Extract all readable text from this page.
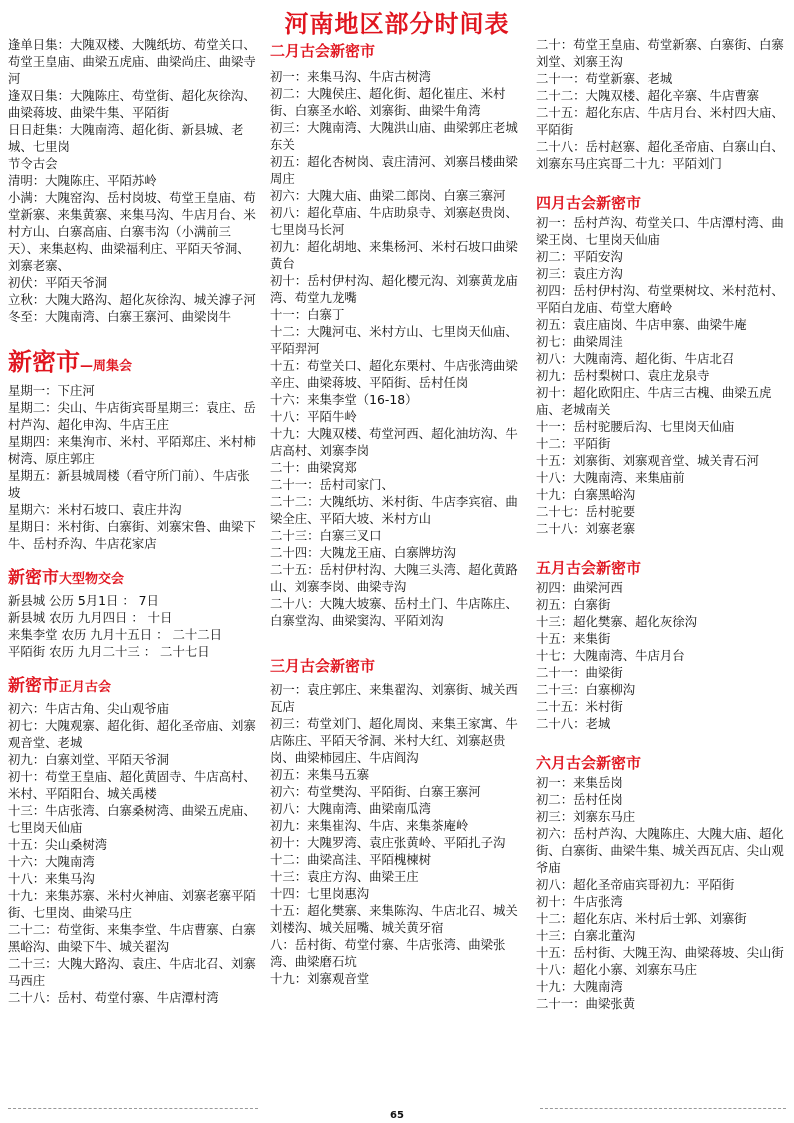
河南地区部分时间表

逢单日集：大隗双楼、大隗纸坊、苟堂关口、苟堂王皇庙、曲梁五虎庙、曲梁尚庄、曲梁寺河

逢双日集：大隗陈庄、苟堂街、超化灰徐沟、曲梁蒋坡、曲梁牛集、平陌街

日日赶集：大隗南湾、超化街、新县城、老城、七里岗

节令古会

清明：大隗陈庄、平陌苏岭

小满：大隗窑沟、岳村岗坡、苟堂王皇庙、苟堂新寨、来集黄寨、来集马沟、牛店月台、米村方山、白寨高庙、白寨韦沟（小满前三天）、来集赵构、曲梁福利庄、平陌天爷洞、刘寨老寨、

初伏：平陌天爷洞

立秋：大隗大路沟、超化灰徐沟、城关滹子河

冬至：大隗南湾、白寨王寨河、曲梁岗牛

新密市—周集会

星期一：下庄河

星期二：尖山、牛店街宾哥星期三：袁庄、岳村芦沟、超化申沟、牛店王庄

星期四：来集洵市、米村、平陌郑庄、米村柿树湾、原庄郭庄

星期五：新县城周楼（看守所门前）、牛店张坡

星期六：米村石坡口、袁庄井沟

星期日：米村街、白寨街、刘寨宋鲁、曲梁下牛、岳村乔沟、牛店花家店

新密市大型物交会

新县城 公历 5月1日 ： 7日

新县城 农历 九月四日 ： 十日

来集李堂 农历 九月十五日 ： 二十二日

平陌街 农历 九月二十三 ： 二十七日

新密市正月古会

初六：牛店古角、尖山观爷庙

初七：大隗观寨、超化街、超化圣帝庙、刘寨观音堂、老城

初九：白寨刘堂、平陌天爷洞

初十：苟堂王皇庙、超化黄固寺、牛店高村、米村、平陌阳台、城关禹楼

十三：牛店张湾、白寨桑树湾、曲梁五虎庙、七里岗天仙庙

十五：尖山桑树湾

十六：大隗南湾

十八：来集马沟

十九：来集苏寨、米村火神庙、刘寨老寨平陌街、七里岗、曲梁马庄

二十二：苟堂街、来集李堂、牛店曹寨、白寨黑峪沟、曲梁下牛、城关翟沟

二十三：大隗大路沟、袁庄、牛店北召、刘寨马西庄

二十八：岳村、苟堂付寨、牛店潭村湾

二月古会新密市

初一：来集马沟、牛店古树湾

初二：大隗侯庄、超化街、超化崔庄、米村街、白寨圣水峪、刘寨街、曲梁牛角湾

初三：大隗南湾、大隗洪山庙、曲梁郭庄老城东关

初五：超化杏树岗、袁庄清河、刘寨吕楼曲梁周庄

初六：大隗大庙、曲梁二郎岗、白寨三寨河

初八：超化草庙、牛店助泉寺、刘寨赵贵岗、七里岗马长河

初九：超化胡地、来集杨河、米村石坡口曲梁黄台

初十：岳村伊村沟、超化樱元沟、刘寨黄龙庙湾、苟堂九龙嘴

十一：白寨丁

十二：大隗河屯、米村方山、七里岗天仙庙、平陌羿河

十五：苟堂关口、超化东栗村、牛店张湾曲梁辛庄、曲梁蒋坡、平陌街、岳村任岗

十六：来集李堂（16-18）

十八：平陌牛岭

十九：大隗双楼、苟堂河西、超化油坊沟、牛店高村、刘寨李岗

二十：曲梁窝郑

二十一：岳村司家门、

二十二：大隗纸坊、米村街、牛店李宾宿、曲梁全庄、平陌大坡、米村方山

二十三：白寨三叉口

二十四：大隗龙王庙、白寨牌坊沟

二十五：岳村伊村沟、大隗三头湾、超化黄路山、刘寨李岗、曲梁寺沟

二十八：大隗大坡寨、岳村土门、牛店陈庄、白寨堂沟、曲梁窦沟、平陌刘沟

三月古会新密市

初一：袁庄郭庄、来集翟沟、刘寨街、城关西瓦店

初三：苟堂刘门、超化周岗、来集王家寓、牛店陈庄、平陌天爷洞、米村大红、刘寨赵贵岗、曲梁柿园庄、牛店阎沟

初五：来集马五寨

初六：苟堂樊沟、平陌街、白寨王寨河

初八：大隗南湾、曲梁南瓜湾

初九：来集崔沟、牛店、来集茶庵岭

初十：大隗罗湾、袁庄张黄岭、平陌扎子沟

十二：曲梁高洼、平陌槐楝树

十三：袁庄方沟、曲梁王庄

十四：七里岗惠沟

十五：超化樊寨、来集陈沟、牛店北召、城关刘楼沟、城关屈嘴、城关黄牙宿

八：岳村街、苟堂付寨、牛店张湾、曲梁张湾、曲梁磨石坑

十九：刘寨观音堂

二十：苟堂王皇庙、苟堂新寨、白寨街、白寨刘堂、刘寨王沟

二十一：苟堂新寨、老城

二十二：大隗双楼、超化辛寨、牛店曹寨

二十五：超化东店、牛店月台、米村四大庙、平陌街

二十八：岳村赵寨、超化圣帝庙、白寨山白、刘寨东马庄宾哥二十九：平陌刘门

四月古会新密市

初一：岳村芦沟、苟堂关口、牛店潭村湾、曲梁王岗、七里岗天仙庙

初二：平陌安沟

初三：袁庄方沟

初四：岳村伊村沟、苟堂栗树坟、米村范村、平陌白龙庙、苟堂大磨岭

初五：袁庄庙岗、牛店申寨、曲梁牛庵

初七：曲梁周洼

初八：大隗南湾、超化街、牛店北召

初九：岳村梨树口、袁庄龙泉寺

初十：超化欧阳庄、牛店三古槐、曲梁五虎庙、老城南关

十一：岳村驼腰后沟、七里岗天仙庙

十二：平陌街

十五：刘寨街、刘寨观音堂、城关青石河

十八：大隗南湾、来集庙前

十九：白寨黑峪沟

二十七：岳村驼要

二十八：刘寨老寨

五月古会新密市

初四：曲梁河西

初五：白寨街

十三：超化樊寨、超化灰徐沟

十五：来集街

十七：大隗南湾、牛店月台

二十一：曲梁街

二十三：白寨柳沟

二十五：米村街

二十八：老城

六月古会新密市

初一：来集岳岗

初二：岳村任岗

初三：刘寨东马庄

初六：岳村芦沟、大隗陈庄、大隗大庙、超化街、白寨街、曲梁牛集、城关西瓦店、尖山观爷庙

初八：超化圣帝庙宾哥初九：平陌街

初十：牛店张湾

十二：超化东店、米村后士郭、刘寨街

十三：白寨北董沟

十五：岳村街、大隗王沟、曲梁蒋坡、尖山街

十八：超化小寨、刘寨东马庄

十九：大隗南湾

二十一：曲梁张黄

65
